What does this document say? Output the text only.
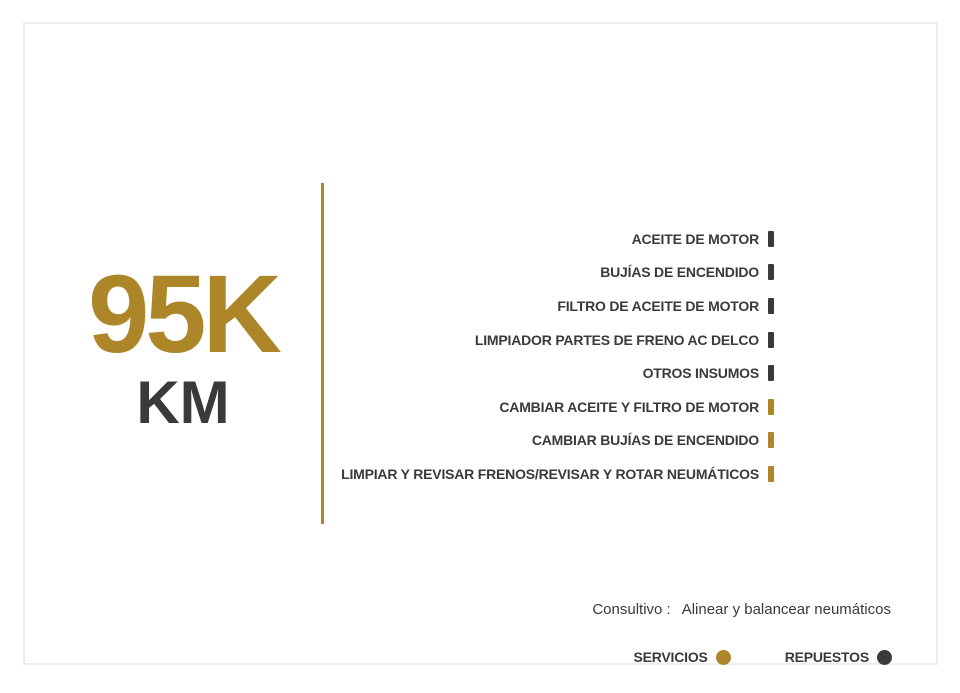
95K
KM
ACEITE DE MOTOR
BUJÍAS DE ENCENDIDO
FILTRO DE ACEITE DE MOTOR
LIMPIADOR PARTES DE FRENO AC DELCO
OTROS INSUMOS
CAMBIAR ACEITE Y FILTRO DE MOTOR
CAMBIAR BUJÍAS DE ENCENDIDO
LIMPIAR Y REVISAR FRENOS/REVISAR Y ROTAR NEUMÁTICOS
Consultivo : Alinear y balancear neumáticos
SERVICIOS	REPUESTOS
